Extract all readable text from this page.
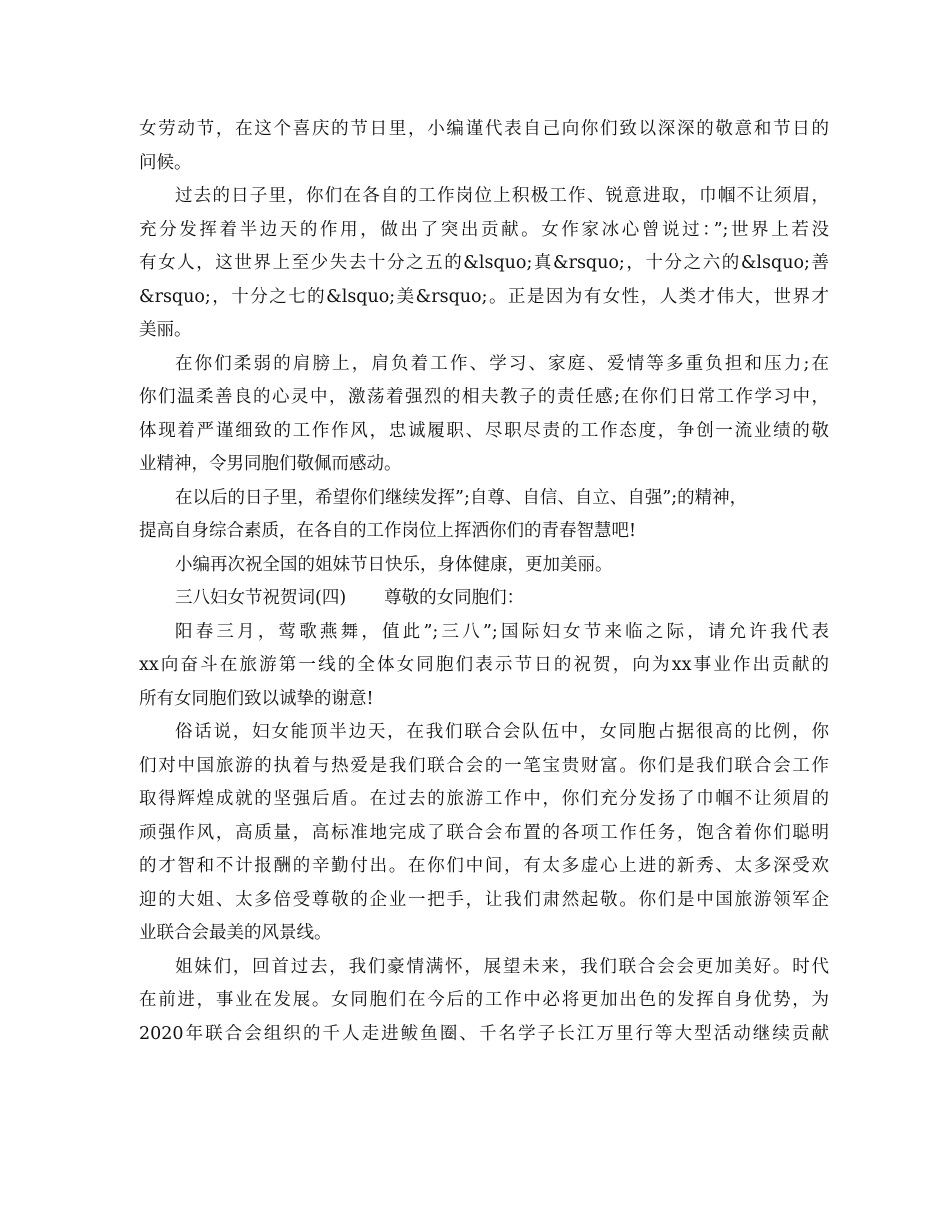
女劳动节，在这个喜庆的节日里，小编谨代表自己向你们致以深深的敬意和节日的
问候。
过去的日子里，你们在各自的工作岗位上积极工作、锐意进取，巾帼不让须眉，
充分发挥着半边天的作用，做出了突出贡献。女作家冰心曾说过：”;世界上若没
有女人，这世界上至少失去十分之五的&lsquo;真&rsquo;，十分之六的&lsquo;善
&rsquo;，十分之七的&lsquo;美&rsquo;。正是因为有女性，人类才伟大，世界才
美丽。
在你们柔弱的肩膀上，肩负着工作、学习、家庭、爱情等多重负担和压力;在
你们温柔善良的心灵中，激荡着强烈的相夫教子的责任感;在你们日常工作学习中，
体现着严谨细致的工作作风，忠诚履职、尽职尽责的工作态度，争创一流业绩的敬
业精神，令男同胞们敬佩而感动。
在以后的日子里，希望你们继续发挥”;自尊、自信、自立、自强”;的精神，
提高自身综合素质，在各自的工作岗位上挥洒你们的青春智慧吧!
小编再次祝全国的姐妹节日快乐，身体健康，更加美丽。
三八妇女节祝贺词(四) 尊敬的女同胞们：
阳春三月，莺歌燕舞，值此”;三八”;国际妇女节来临之际，请允许我代表
xx向奋斗在旅游第一线的全体女同胞们表示节日的祝贺，向为xx事业作出贡献的
所有女同胞们致以诚挚的谢意!
俗话说，妇女能顶半边天，在我们联合会队伍中，女同胞占据很高的比例，你
们对中国旅游的执着与热爱是我们联合会的一笔宝贵财富。你们是我们联合会工作
取得辉煌成就的坚强后盾。在过去的旅游工作中，你们充分发扬了巾帼不让须眉的
顽强作风，高质量，高标准地完成了联合会布置的各项工作任务，饱含着你们聪明
的才智和不计报酬的辛勤付出。在你们中间，有太多虚心上进的新秀、太多深受欢
迎的大姐、太多倍受尊敬的企业一把手，让我们肃然起敬。你们是中国旅游领军企
业联合会最美的风景线。
姐妹们，回首过去，我们豪情满怀，展望未来，我们联合会会更加美好。时代
在前进，事业在发展。女同胞们在今后的工作中必将更加出色的发挥自身优势，为
2020年联合会组织的千人走进鲅鱼圈、千名学子长江万里行等大型活动继续贡献
